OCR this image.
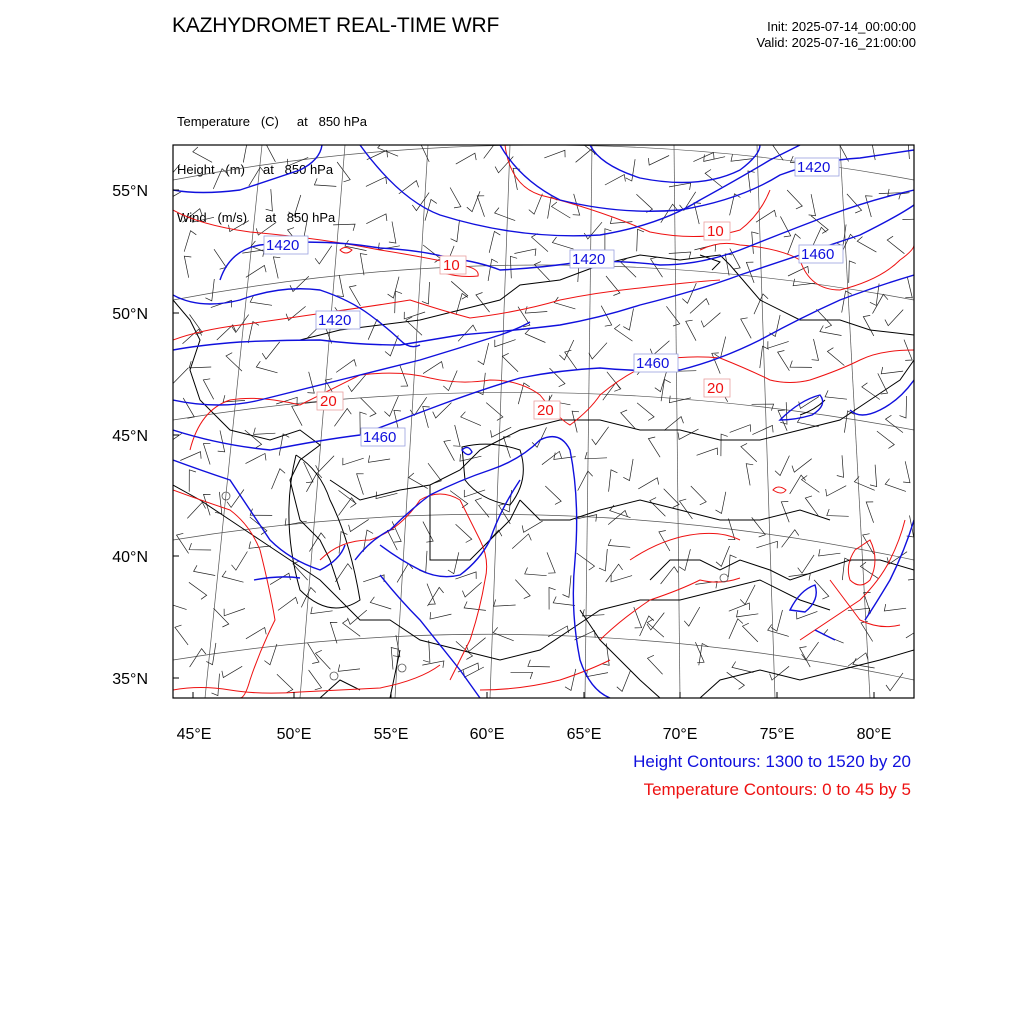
KAZHYDROMET REAL-TIME WRF	Init: 2025-07-14_00:00:00
Valid: 2025-07-16_21:00:00

Temperature   (C)     at   850 hPa

Height   (m)     at   850 hPa

Wind   (m/s)     at   850 hPa

1420
1420
1420
1420
1460
1460
1460
10
10
20
20
20
55°N
50°N
45°N
40°N
35°N
45°E	50°E	55°E	60°E	65°E	70°E	75°E	80°E
Height Contours: 1300 to 1520 by 20
Temperature Contours: 0 to 45 by 5
